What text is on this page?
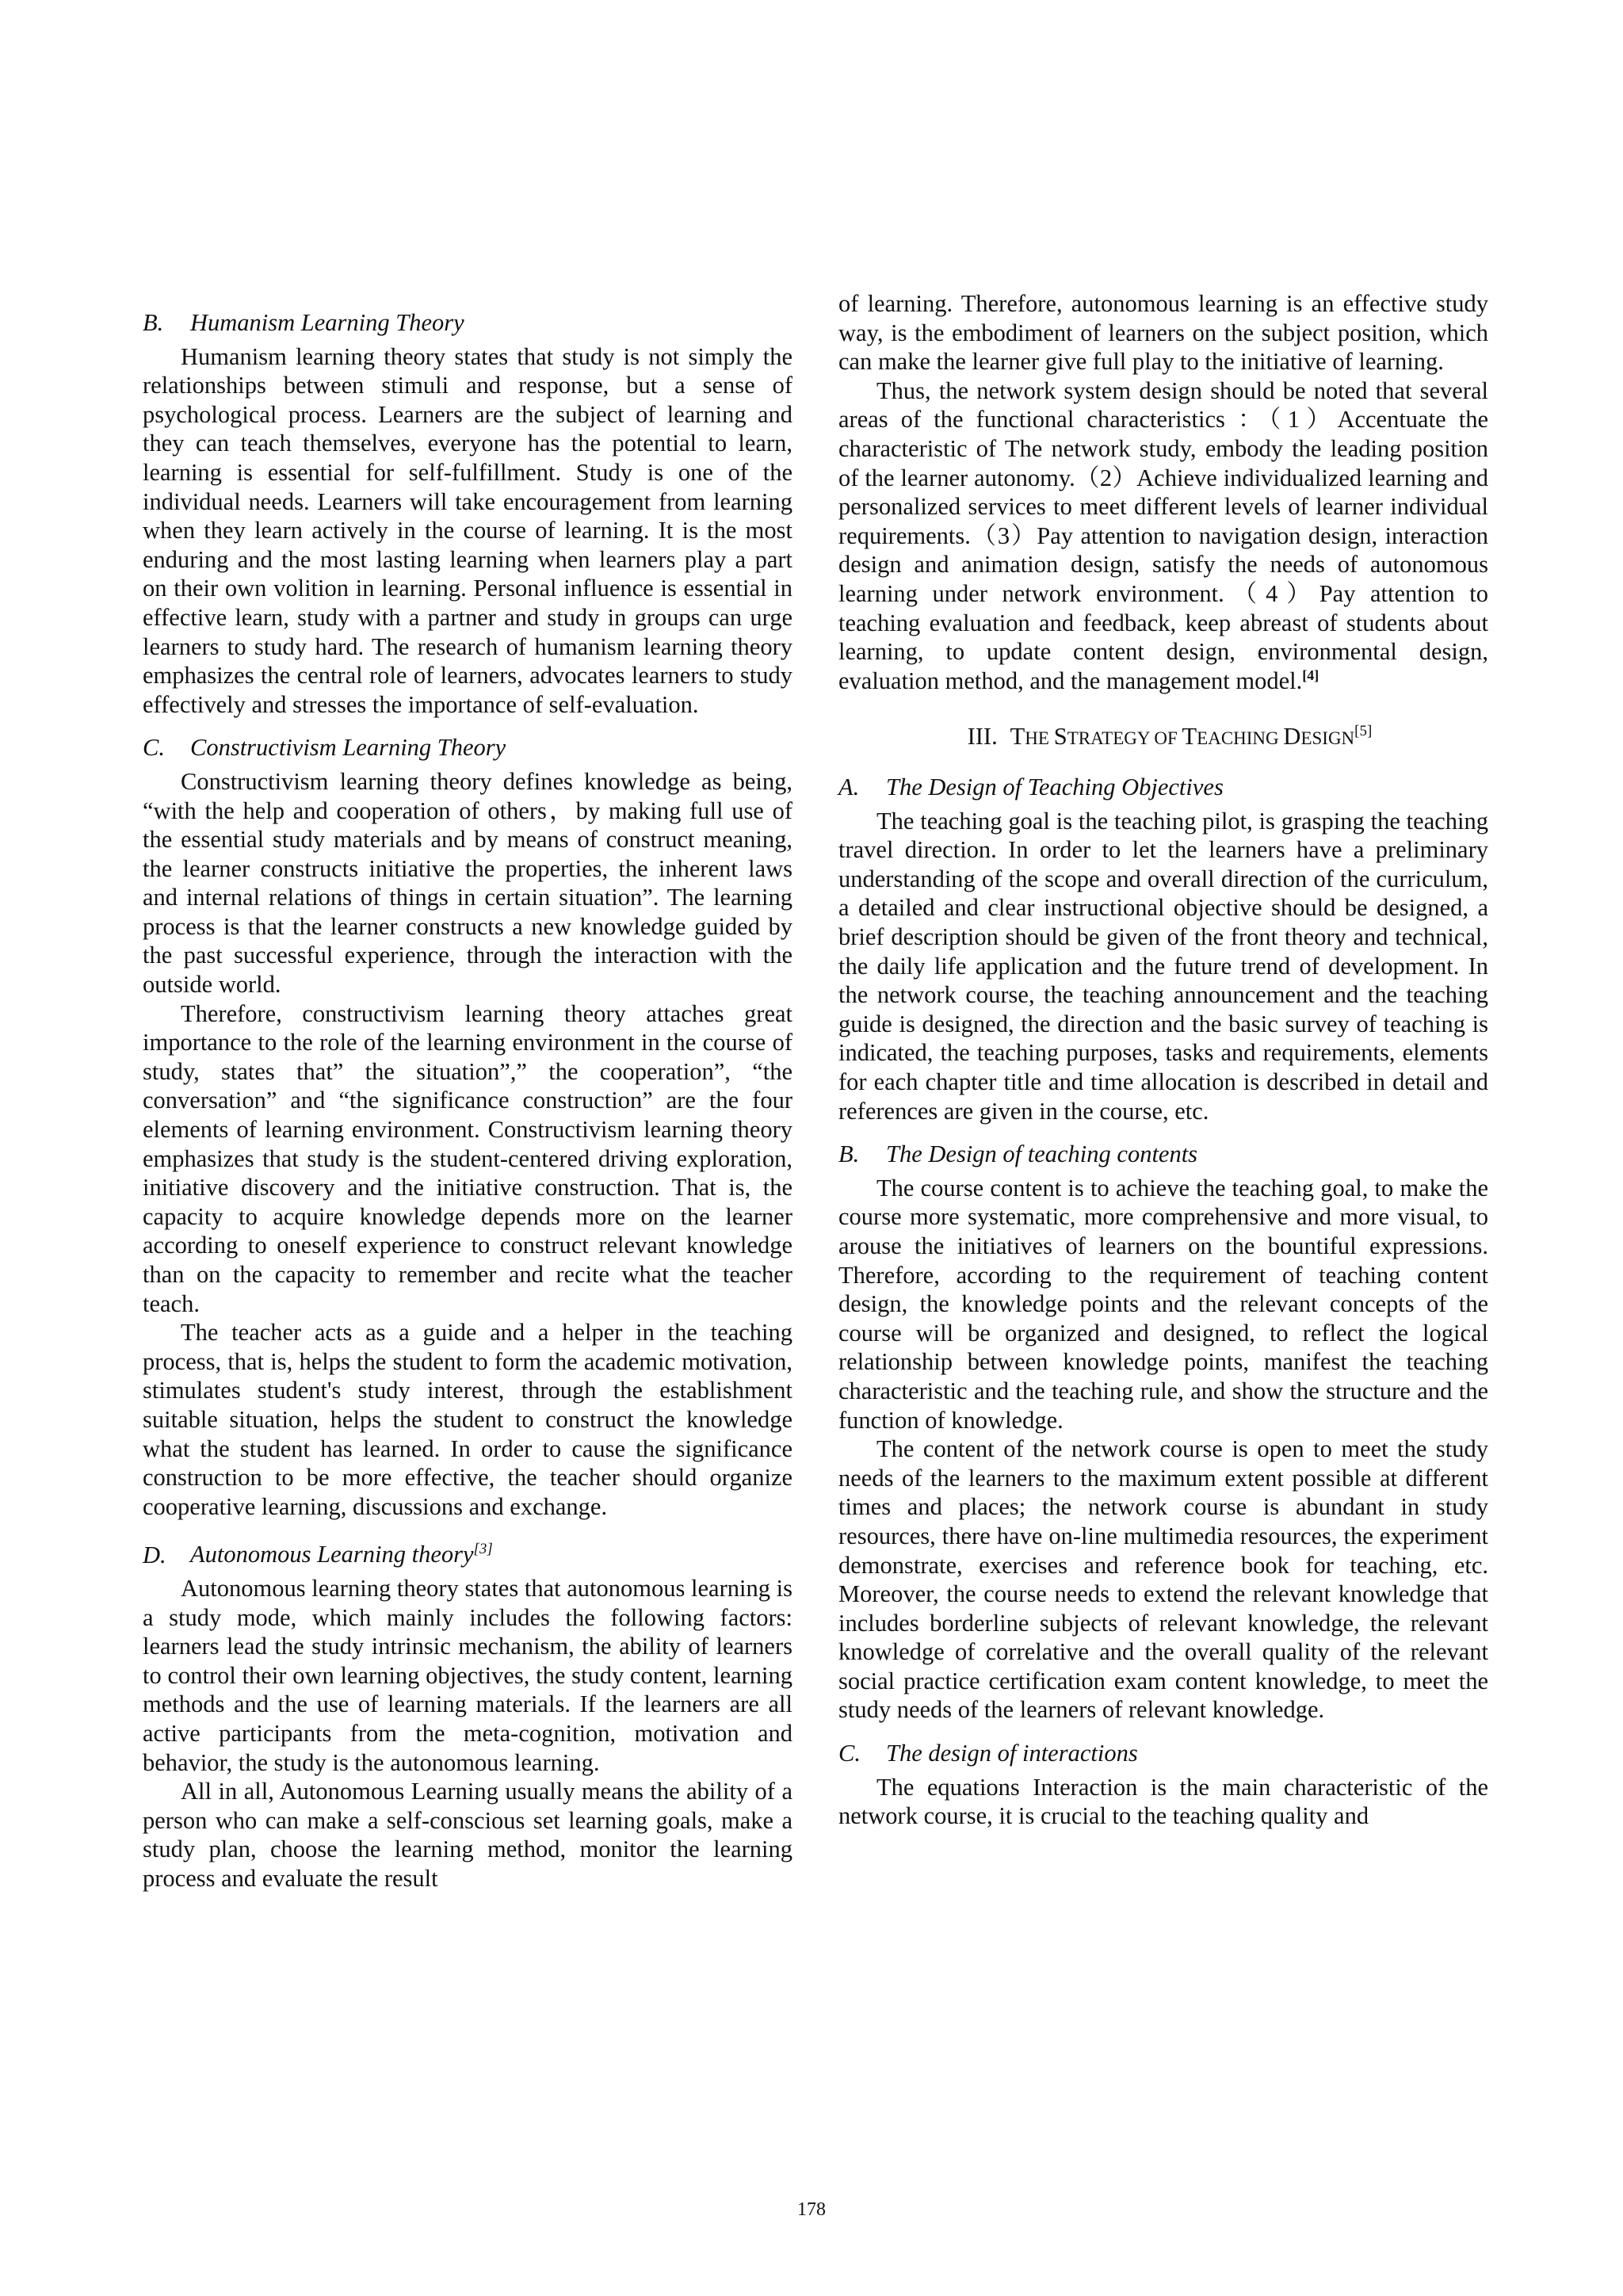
B. Humanism Learning Theory

Humanism learning theory states that study is not simply the relationships between stimuli and response, but a sense of psychological process. Learners are the subject of learning and they can teach themselves, everyone has the potential to learn, learning is essential for self-fulfillment. Study is one of the individual needs. Learners will take encouragement from learning when they learn actively in the course of learning. It is the most enduring and the most lasting learning when learners play a part on their own volition in learning. Personal influence is essential in effective learn, study with a partner and study in groups can urge learners to study hard. The research of humanism learning theory emphasizes the central role of learners, advocates learners to study effectively and stresses the importance of self-evaluation.

C. Constructivism Learning Theory

Constructivism learning theory defines knowledge as being, “with the help and cooperation of others，by making full use of the essential study materials and by means of construct meaning, the learner constructs initiative the properties, the inherent laws and internal relations of things in certain situation”. The learning process is that the learner constructs a new knowledge guided by the past successful experience, through the interaction with the outside world.

Therefore, constructivism learning theory attaches great importance to the role of the learning environment in the course of study, states that” the situation”,” the cooperation”, “the conversation” and “the significance construction” are the four elements of learning environment. Constructivism learning theory emphasizes that study is the student-centered driving exploration, initiative discovery and the initiative construction. That is, the capacity to acquire knowledge depends more on the learner according to oneself experience to construct relevant knowledge than on the capacity to remember and recite what the teacher teach.

The teacher acts as a guide and a helper in the teaching process, that is, helps the student to form the academic motivation, stimulates student's study interest, through the establishment suitable situation, helps the student to construct the knowledge what the student has learned. In order to cause the significance construction to be more effective, the teacher should organize cooperative learning, discussions and exchange.

D. Autonomous Learning theory[3]

Autonomous learning theory states that autonomous learning is a study mode, which mainly includes the following factors: learners lead the study intrinsic mechanism, the ability of learners to control their own learning objectives, the study content, learning methods and the use of learning materials. If the learners are all active participants from the meta-cognition, motivation and behavior, the study is the autonomous learning.

All in all, Autonomous Learning usually means the ability of a person who can make a self-conscious set learning goals, make a study plan, choose the learning method, monitor the learning process and evaluate the result

of learning. Therefore, autonomous learning is an effective study way, is the embodiment of learners on the subject position, which can make the learner give full play to the initiative of learning.

Thus, the network system design should be noted that several areas of the functional characteristics ：（1）Accentuate the characteristic of The network study, embody the leading position of the learner autonomy.（2）Achieve individualized learning and personalized services to meet different levels of learner individual requirements.（3）Pay attention to navigation design, interaction design and animation design, satisfy the needs of autonomous learning under network environment.（4）Pay attention to teaching evaluation and feedback, keep abreast of students about learning, to update content design, environmental design, evaluation method, and the management model.[4]

III. THE STRATEGY OF TEACHING DESIGN[5]
A. The Design of Teaching Objectives

The teaching goal is the teaching pilot, is grasping the teaching travel direction. In order to let the learners have a preliminary understanding of the scope and overall direction of the curriculum, a detailed and clear instructional objective should be designed, a brief description should be given of the front theory and technical, the daily life application and the future trend of development. In the network course, the teaching announcement and the teaching guide is designed, the direction and the basic survey of teaching is indicated, the teaching purposes, tasks and requirements, elements for each chapter title and time allocation is described in detail and references are given in the course, etc.

B. The Design of teaching contents

The course content is to achieve the teaching goal, to make the course more systematic, more comprehensive and more visual, to arouse the initiatives of learners on the bountiful expressions. Therefore, according to the requirement of teaching content design, the knowledge points and the relevant concepts of the course will be organized and designed, to reflect the logical relationship between knowledge points, manifest the teaching characteristic and the teaching rule, and show the structure and the function of knowledge.

The content of the network course is open to meet the study needs of the learners to the maximum extent possible at different times and places; the network course is abundant in study resources, there have on-line multimedia resources, the experiment demonstrate, exercises and reference book for teaching, etc. Moreover, the course needs to extend the relevant knowledge that includes borderline subjects of relevant knowledge, the relevant knowledge of correlative and the overall quality of the relevant social practice certification exam content knowledge, to meet the study needs of the learners of relevant knowledge.

C. The design of interactions

The equations Interaction is the main characteristic of the network course, it is crucial to the teaching quality and

178
